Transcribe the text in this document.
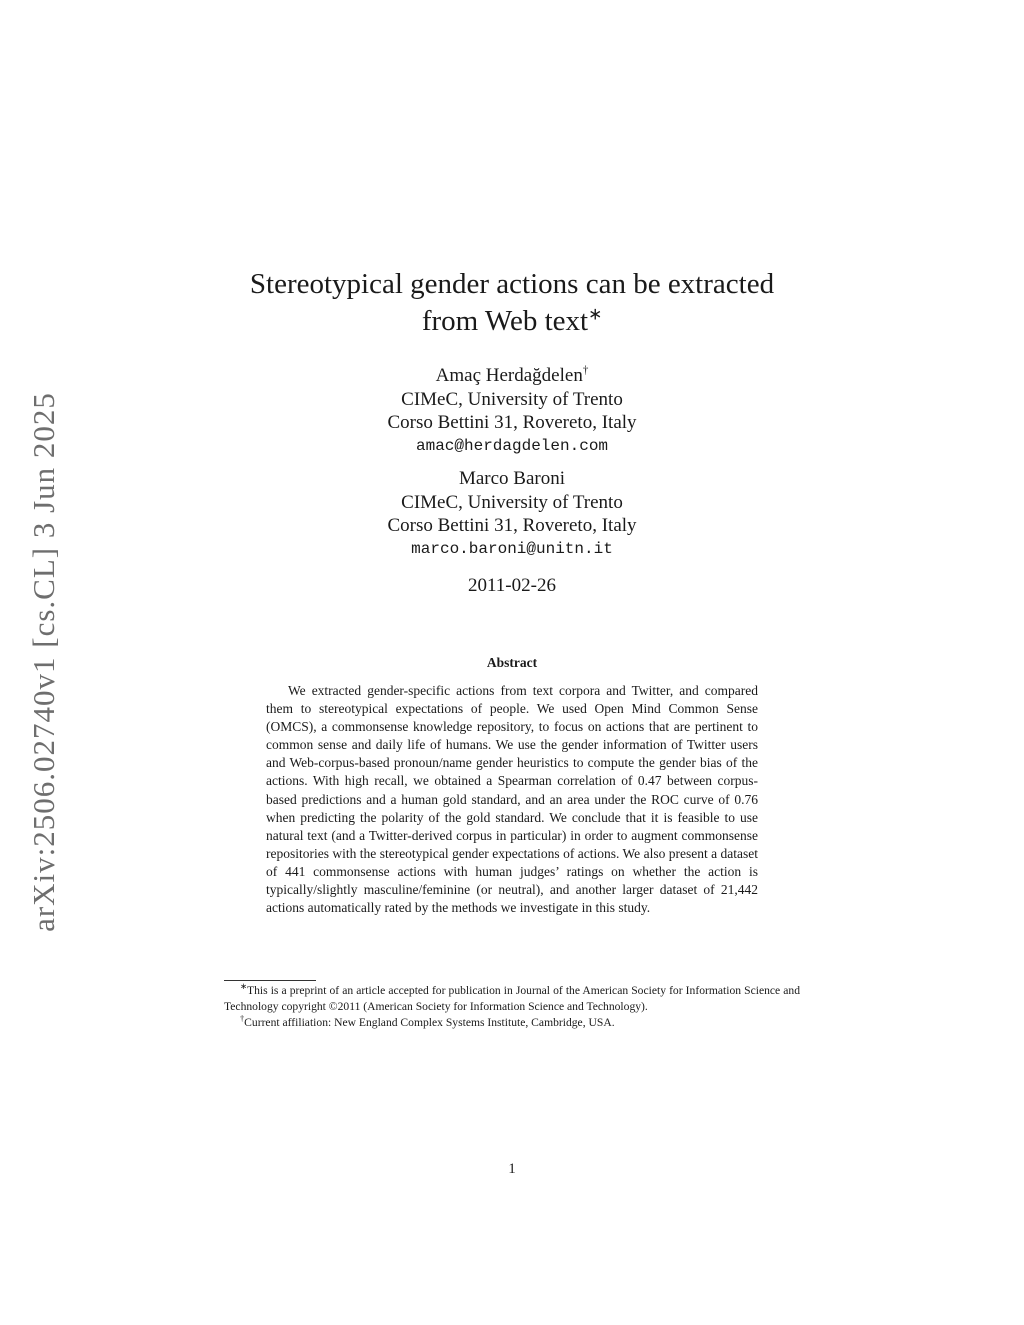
arXiv:2506.02740v1 [cs.CL] 3 Jun 2025
Stereotypical gender actions can be extracted
from Web text∗
Amaç Herdağdelen†
CIMeC, University of Trento
Corso Bettini 31, Rovereto, Italy
amac@herdagdelen.com
Marco Baroni
CIMeC, University of Trento
Corso Bettini 31, Rovereto, Italy
marco.baroni@unitn.it
2011-02-26
Abstract

We extracted gender-specific actions from text corpora and Twitter, and compared them to stereotypical expectations of people. We used Open Mind Common Sense (OMCS), a commonsense knowledge repository, to focus on actions that are pertinent to common sense and daily life of humans. We use the gender information of Twitter users and Web-corpus-based pronoun/name gender heuristics to compute the gender bias of the actions. With high recall, we obtained a Spearman correlation of 0.47 between corpus-based predictions and a human gold standard, and an area under the ROC curve of 0.76 when predicting the polarity of the gold standard. We conclude that it is feasible to use natural text (and a Twitter-derived corpus in particular) in order to augment commonsense repositories with the stereotypical gender expectations of actions. We also present a dataset of 441 commonsense actions with human judges’ ratings on whether the action is typically/slightly masculine/feminine (or neutral), and another larger dataset of 21,442 actions automatically rated by the methods we investigate in this study.

∗This is a preprint of an article accepted for publication in Journal of the American Society for Information Science and Technology copyright ©2011 (American Society for Information Science and Technology).

†Current affiliation: New England Complex Systems Institute, Cambridge, USA.

1
